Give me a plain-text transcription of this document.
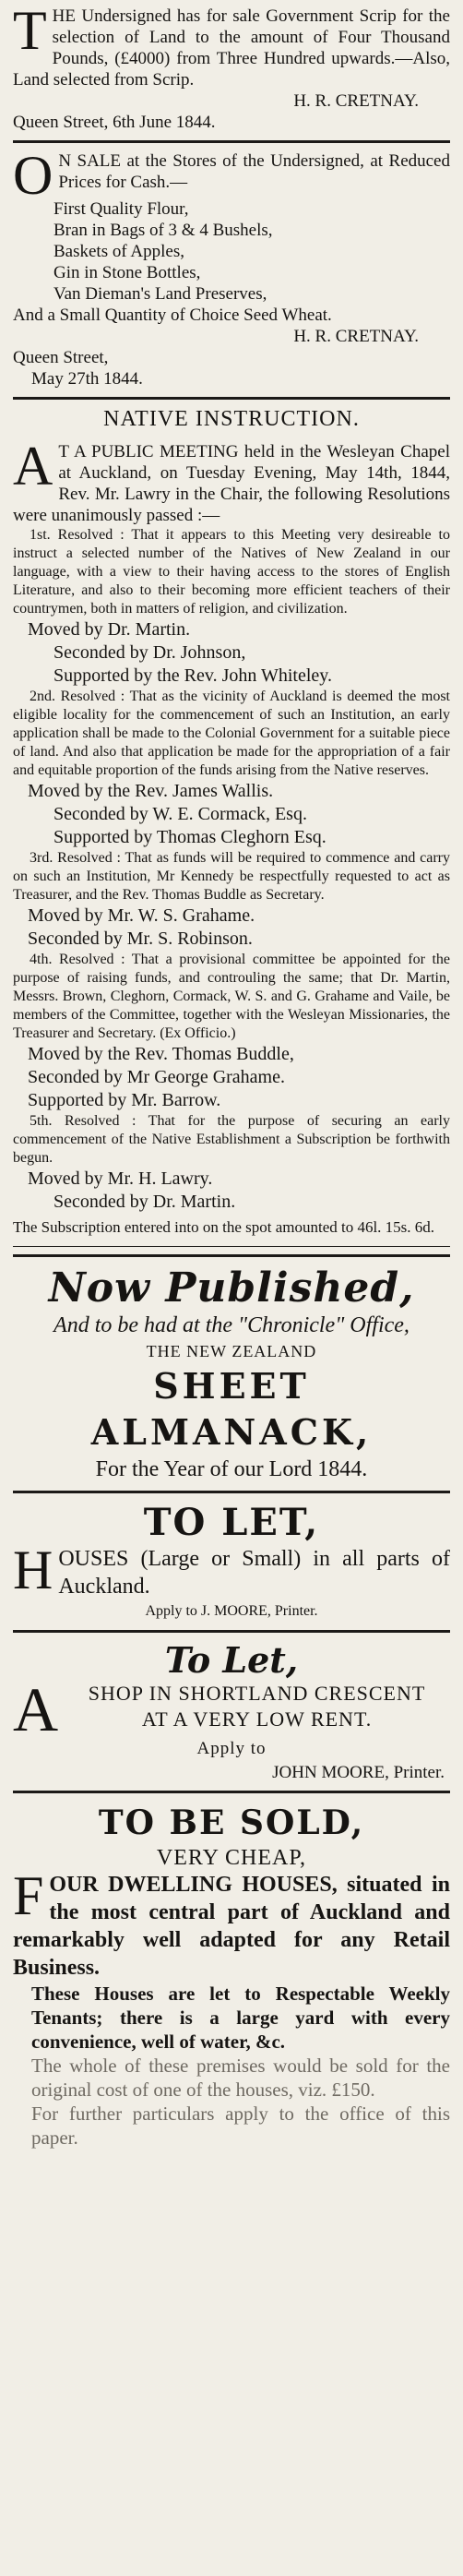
T HE Undersigned has for sale Government Scrip for the selection of Land to the amount of Four Thousand Pounds, (£4000) from Three Hundred upwards.—Also, Land selected from Scrip.
H. R. CRETNAY.
Queen Street, 6th June 1844.
O N SALE at the Stores of the Undersigned, at Reduced Prices for Cash.—
First Quality Flour,
Bran in Bags of 3 & 4 Bushels,
Baskets of Apples,
Gin in Stone Bottles,
Van Dieman's Land Preserves,
And a Small Quantity of Choice Seed Wheat.
H. R. CRETNAY.
Queen Street,
May 27th 1844.
NATIVE INSTRUCTION.
A T A PUBLIC MEETING held in the Wesleyan Chapel at Auckland, on Tuesday Evening, May 14th, 1844, Rev. Mr. Lawry in the Chair, the following Resolutions were unanimously passed :—
1st. Resolved : That it appears to this Meeting very desireable to instruct a selected number of the Natives of New Zealand in our language, with a view to their having access to the stores of English Literature, and also to their becoming more efficient teachers of their countrymen, both in matters of religion, and civilization.
Moved by Dr. Martin.
Seconded by Dr. Johnson,
Supported by the Rev. John Whiteley.
2nd. Resolved : That as the vicinity of Auckland is deemed the most eligible locality for the commencement of such an Institution, an early application shall be made to the Colonial Government for a suitable piece of land. And also that application be made for the appropriation of a fair and equitable proportion of the funds arising from the Native reserves.
Moved by the Rev. James Wallis.
Seconded by W. E. Cormack, Esq.
Supported by Thomas Cleghorn Esq.
3rd. Resolved : That as funds will be required to commence and carry on such an Institution, Mr Kennedy be respectfully requested to act as Treasurer, and the Rev. Thomas Buddle as Secretary.
Moved by Mr. W. S. Grahame.
Seconded by Mr. S. Robinson.
4th. Resolved : That a provisional committee be appointed for the purpose of raising funds, and controuling the same; that Dr. Martin, Messrs. Brown, Cleghorn, Cormack, W. S. and G. Grahame and Vaile, be members of the Committee, together with the Wesleyan Missionaries, the Treasurer and Secretary. (Ex Officio.)
Moved by the Rev. Thomas Buddle,
Seconded by Mr George Grahame.
Supported by Mr. Barrow.
5th. Resolved : That for the purpose of securing an early commencement of the Native Establishment a Subscription be forthwith begun.
Moved by Mr. H. Lawry.
Seconded by Dr. Martin.
The Subscription entered into on the spot amounted to 46l. 15s. 6d.
Now Published,
And to be had at the "Chronicle" Office,
THE NEW ZEALAND
SHEET ALMANACK,
For the Year of our Lord 1844.
TO LET,
H OUSES (Large or Small) in all parts of Auckland.
Apply to J. MOORE, Printer.
To Let,
A	SHOP IN SHORTLAND CRESCENT
AT A VERY LOW RENT.
Apply to
JOHN MOORE, Printer.
TO BE SOLD,
VERY CHEAP,
F OUR DWELLING HOUSES, situated in the most central part of Auckland and remarkably well adapted for any Retail Business.
These Houses are let to Respectable Weekly Tenants; there is a large yard with every convenience, well of water, &c.
The whole of these premises would be sold for the original cost of one of the houses, viz. £150.
For further particulars apply to the office of this paper.
